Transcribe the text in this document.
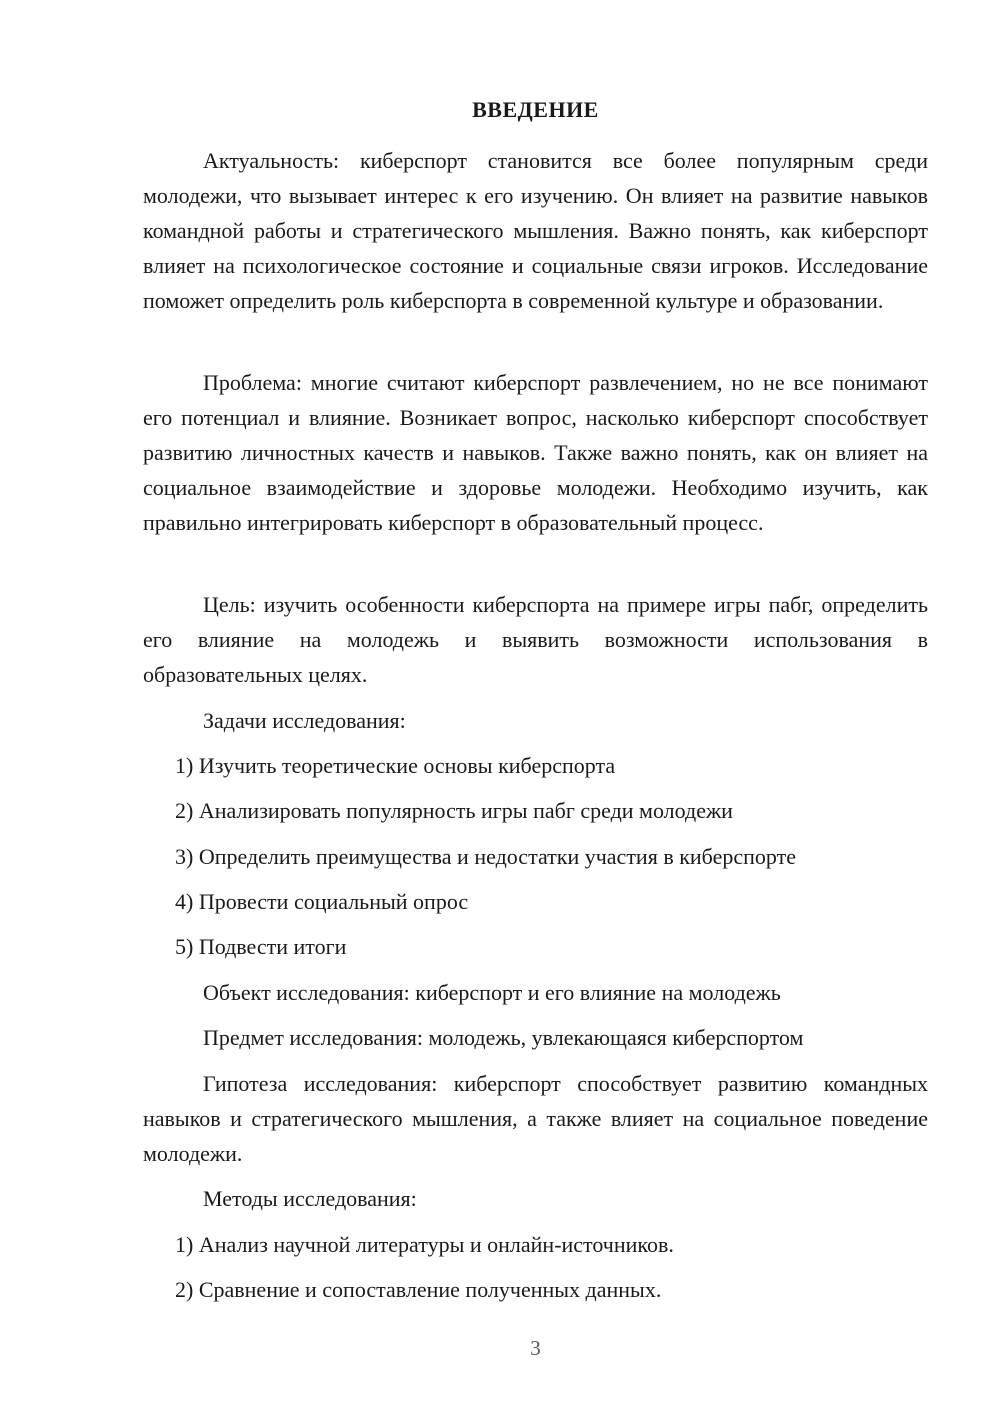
ВВЕДЕНИЕ

Актуальность: киберспорт становится все более популярным среди молодежи, что вызывает интерес к его изучению. Он влияет на развитие навыков командной работы и стратегического мышления. Важно понять, как киберспорт влияет на психологическое состояние и социальные связи игроков. Исследование поможет определить роль киберспорта в современной культуре и образовании.

Проблема: многие считают киберспорт развлечением, но не все понимают его потенциал и влияние. Возникает вопрос, насколько киберспорт способствует развитию личностных качеств и навыков. Также важно понять, как он влияет на социальное взаимодействие и здоровье молодежи. Необходимо изучить, как правильно интегрировать киберспорт в образовательный процесс.

Цель: изучить особенности киберспорта на примере игры пабг, определить его влияние на молодежь и выявить возможности использования в образовательных целях.

Задачи исследования:

1) Изучить теоретические основы киберспорта

2) Анализировать популярность игры пабг среди молодежи

3) Определить преимущества и недостатки участия в киберспорте

4) Провести социальный опрос

5) Подвести итоги

Объект исследования: киберспорт и его влияние на молодежь

Предмет исследования: молодежь, увлекающаяся киберспортом

Гипотеза исследования: киберспорт способствует развитию командных навыков и стратегического мышления, а также влияет на социальное поведение молодежи.

Методы исследования:

1) Анализ научной литературы и онлайн-источников.

2) Сравнение и сопоставление полученных данных.

3
